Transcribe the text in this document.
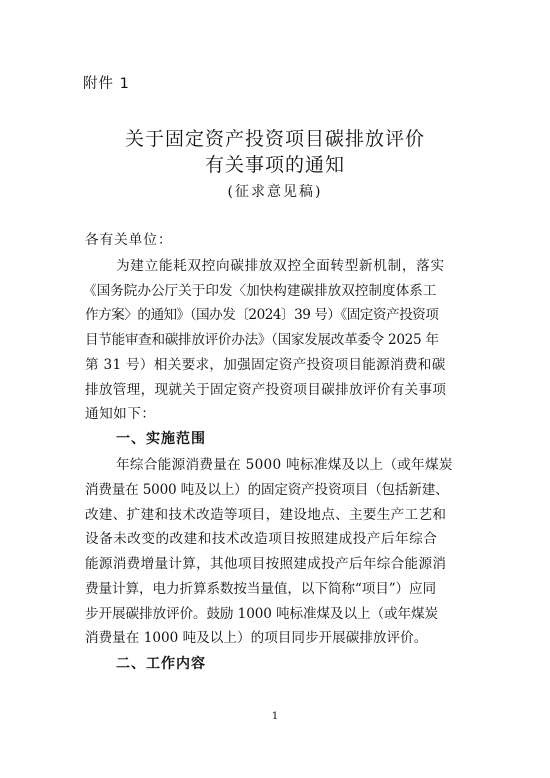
附件 1
关于固定资产投资项目碳排放评价
有关事项的通知
(征求意见稿)
各有关单位：
为建立能耗双控向碳排放双控全面转型新机制，落实
《国务院办公厅关于印发〈加快构建碳排放双控制度体系工
作方案〉的通知》（国办发〔2024〕39 号）《固定资产投资项
目节能审查和碳排放评价办法》（国家发展改革委令 2025 年
第 31 号）相关要求，加强固定资产投资项目能源消费和碳
排放管理，现就关于固定资产投资项目碳排放评价有关事项
通知如下：
一、实施范围
年综合能源消费量在 5000 吨标准煤及以上（或年煤炭
消费量在 5000 吨及以上）的固定资产投资项目（包括新建、
改建、扩建和技术改造等项目，建设地点、主要生产工艺和
设备未改变的改建和技术改造项目按照建成投产后年综合
能源消费增量计算，其他项目按照建成投产后年综合能源消
费量计算，电力折算系数按当量值，以下简称“项目”）应同
步开展碳排放评价。鼓励 1000 吨标准煤及以上（或年煤炭
消费量在 1000 吨及以上）的项目同步开展碳排放评价。
二、工作内容
1
